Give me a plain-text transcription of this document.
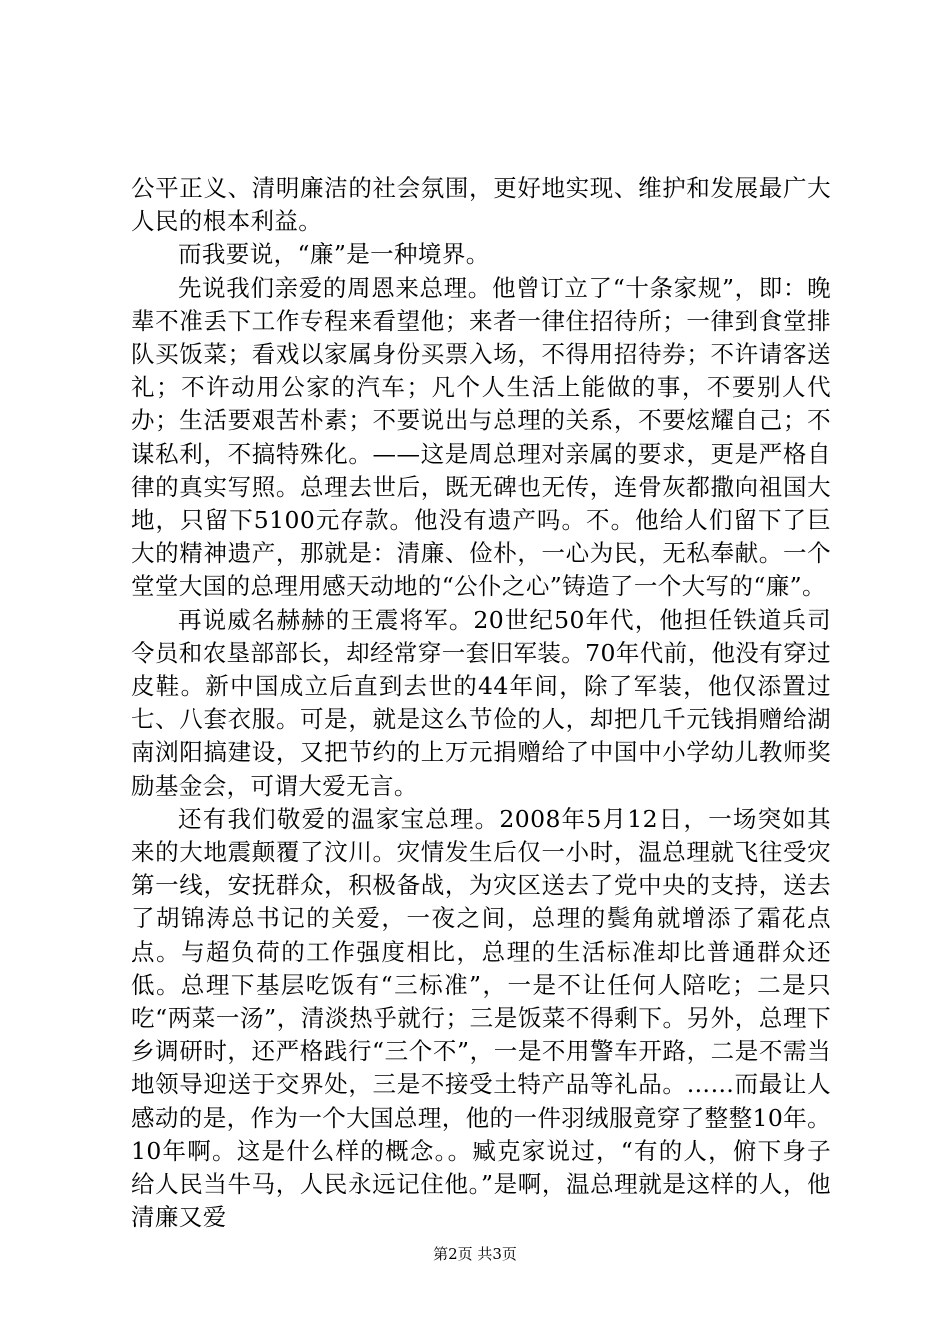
公平正义、清明廉洁的社会氛围，更好地实现、维护和发展最广大人民的根本利益。

而我要说，“廉”是一种境界。

先说我们亲爱的周恩来总理。他曾订立了“十条家规”，即：晚辈不准丢下工作专程来看望他；来者一律住招待所；一律到食堂排队买饭菜；看戏以家属身份买票入场，不得用招待券；不许请客送礼；不许动用公家的汽车；凡个人生活上能做的事，不要别人代办；生活要艰苦朴素；不要说出与总理的关系，不要炫耀自己；不谋私利，不搞特殊化。——这是周总理对亲属的要求，更是严格自律的真实写照。总理去世后，既无碑也无传，连骨灰都撒向祖国大地，只留下5100元存款。他没有遗产吗。不。他给人们留下了巨大的精神遗产，那就是：清廉、俭朴，一心为民，无私奉献。一个堂堂大国的总理用感天动地的“公仆之心”铸造了一个大写的“廉”。

再说威名赫赫的王震将军。20世纪50年代，他担任铁道兵司令员和农垦部部长，却经常穿一套旧军装。70年代前，他没有穿过皮鞋。新中国成立后直到去世的44年间，除了军装，他仅添置过七、八套衣服。可是，就是这么节俭的人，却把几千元钱捐赠给湖南浏阳搞建设，又把节约的上万元捐赠给了中国中小学幼儿教师奖励基金会，可谓大爱无言。

还有我们敬爱的温家宝总理。2008年5月12日，一场突如其来的大地震颠覆了汶川。灾情发生后仅一小时，温总理就飞往受灾第一线，安抚群众，积极备战，为灾区送去了党中央的支持，送去了胡锦涛总书记的关爱，一夜之间，总理的鬓角就增添了霜花点点。与超负荷的工作强度相比，总理的生活标准却比普通群众还低。总理下基层吃饭有“三标准”，一是不让任何人陪吃；二是只吃“两菜一汤”，清淡热乎就行；三是饭菜不得剩下。另外，总理下乡调研时，还严格践行“三个不”，一是不用警车开路，二是不需当地领导迎送于交界处，三是不接受土特产品等礼品。……而最让人感动的是，作为一个大国总理，他的一件羽绒服竟穿了整整10年。10年啊。这是什么样的概念。。臧克家说过，“有的人，俯下身子给人民当牛马，人民永远记住他。”是啊，温总理就是这样的人，他清廉又爱

第2页 共3页
